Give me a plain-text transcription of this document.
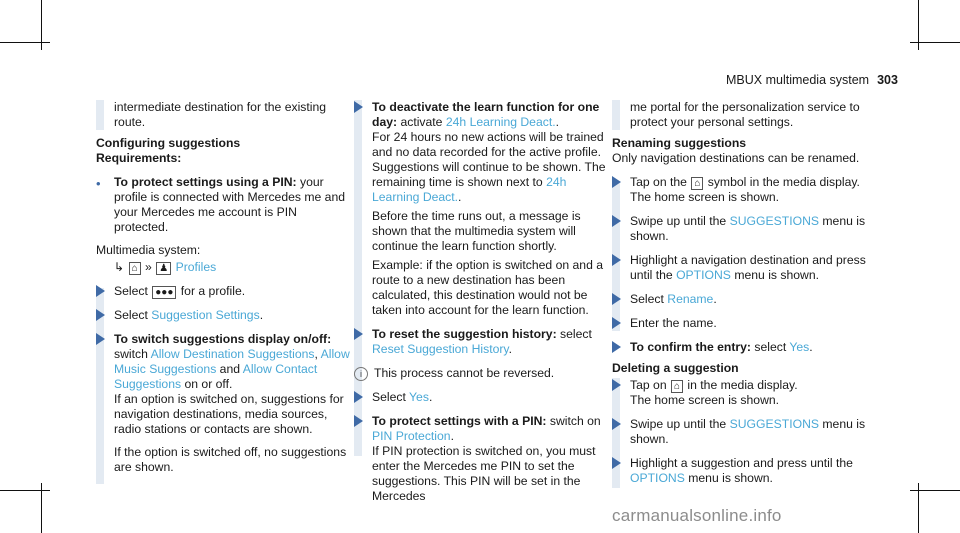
MBUX multimedia system 303
intermediate destination for the existing route.
Configuring suggestions
Requirements:
• To protect settings using a PIN: your profile is connected with Mercedes me and your Mercedes me account is PIN protected.
Multimedia system:
↳ ⌂ » ♟ Profiles
Select ●●● for a profile.
Select Suggestion Settings.
To switch suggestions display on/off: switch Allow Destination Suggestions, Allow Music Suggestions and Allow Contact Suggestions on or off.
If an option is switched on, suggestions for navigation destinations, media sources, radio stations or contacts are shown.
If the option is switched off, no suggestions are shown.
To deactivate the learn function for one day: activate 24h Learning Deact..
For 24 hours no new actions will be trained and no data recorded for the active profile. Suggestions will continue to be shown. The remaining time is shown next to 24h Learning Deact..
Before the time runs out, a message is shown that the multimedia system will continue the learn function shortly.
Example: if the option is switched on and a route to a new destination has been calculated, this destination would not be taken into account for the learn function.
To reset the suggestion history: select Reset Suggestion History.
i This process cannot be reversed.
Select Yes.
To protect settings with a PIN: switch on PIN Protection.
If PIN protection is switched on, you must enter the Mercedes me PIN to set the suggestions. This PIN will be set in the Mercedes
me portal for the personalization service to protect your personal settings.
Renaming suggestions
Only navigation destinations can be renamed.
Tap on the ⌂ symbol in the media display.
The home screen is shown.
Swipe up until the SUGGESTIONS menu is shown.
Highlight a navigation destination and press until the OPTIONS menu is shown.
Select Rename.
Enter the name.
To confirm the entry: select Yes.
Deleting a suggestion
Tap on ⌂ in the media display.
The home screen is shown.
Swipe up until the SUGGESTIONS menu is shown.
Highlight a suggestion and press until the OPTIONS menu is shown.
carmanualsonline.info
